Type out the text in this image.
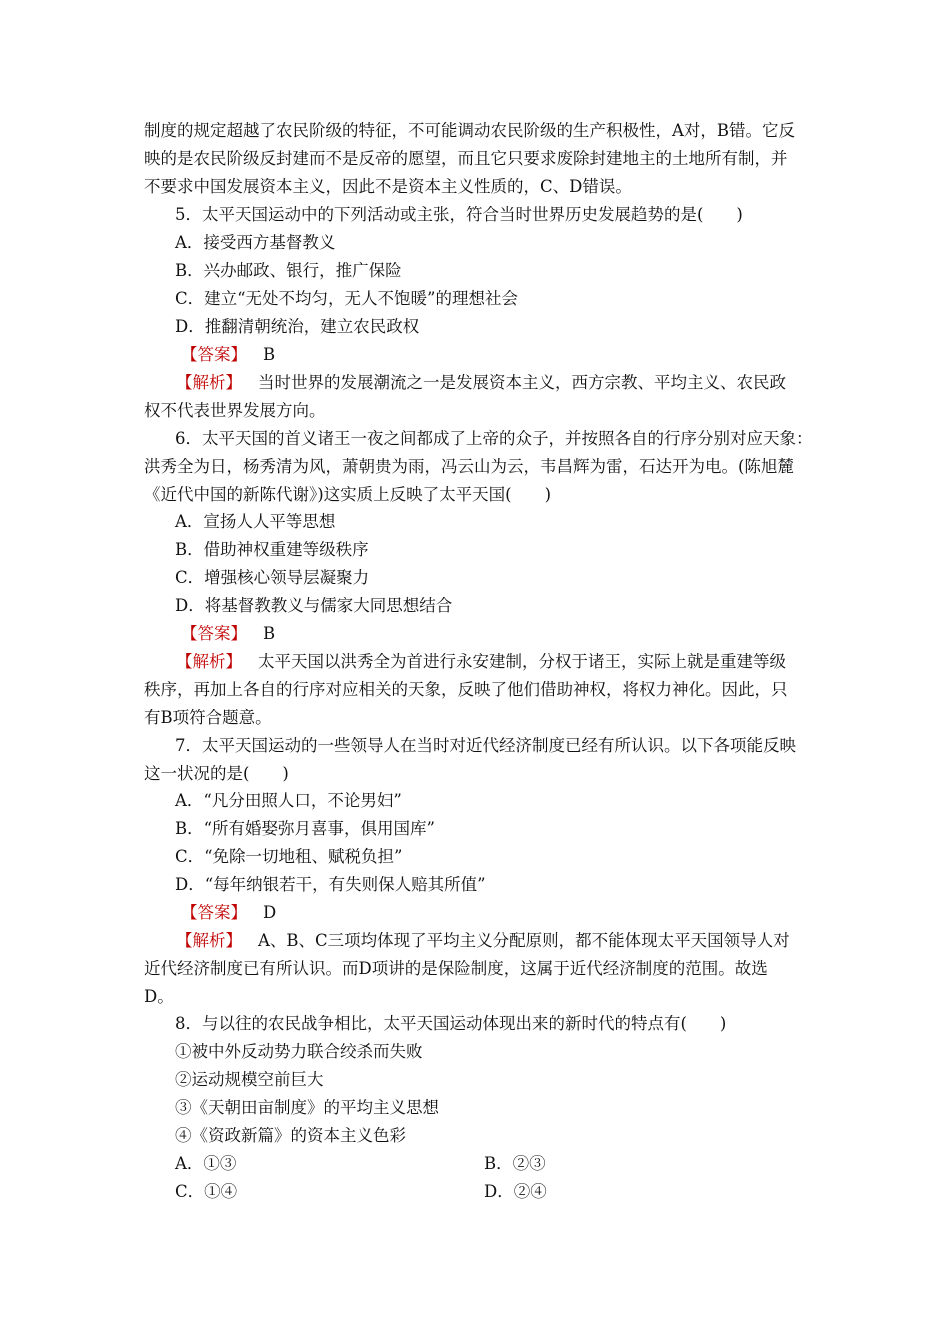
制度的规定超越了农民阶级的特征，不可能调动农民阶级的生产积极性，A对，B错。它反
映的是农民阶级反封建而不是反帝的愿望，而且它只要求废除封建地主的土地所有制，并
不要求中国发展资本主义，因此不是资本主义性质的，C、D错误。
5．太平天国运动中的下列活动或主张，符合当时世界历史发展趋势的是(　　)
A．接受西方基督教义
B．兴办邮政、银行，推广保险
C．建立“无处不均匀，无人不饱暖”的理想社会
D．推翻清朝统治，建立农民政权
【答案】 B
【解析】 当时世界的发展潮流之一是发展资本主义，西方宗教、平均主义、农民政
权不代表世界发展方向。
6．太平天国的首义诸王一夜之间都成了上帝的众子，并按照各自的行序分别对应天象：
洪秀全为日，杨秀清为风，萧朝贵为雨，冯云山为云，韦昌辉为雷，石达开为电。(陈旭麓
《近代中国的新陈代谢》)这实质上反映了太平天国(　　)
A．宣扬人人平等思想
B．借助神权重建等级秩序
C．增强核心领导层凝聚力
D．将基督教教义与儒家大同思想结合
【答案】 B
【解析】 太平天国以洪秀全为首进行永安建制，分权于诸王，实际上就是重建等级
秩序，再加上各自的行序对应相关的天象，反映了他们借助神权，将权力神化。因此，只
有B项符合题意。
7．太平天国运动的一些领导人在当时对近代经济制度已经有所认识。以下各项能反映
这一状况的是(　　)
A．“凡分田照人口，不论男妇”
B．“所有婚娶弥月喜事，俱用国库”
C．“免除一切地租、赋税负担”
D．“每年纳银若干，有失则保人赔其所值”
【答案】 D
【解析】 A、B、C三项均体现了平均主义分配原则，都不能体现太平天国领导人对
近代经济制度已有所认识。而D项讲的是保险制度，这属于近代经济制度的范围。故选
D。
8．与以往的农民战争相比，太平天国运动体现出来的新时代的特点有(　　)
①被中外反动势力联合绞杀而失败
②运动规模空前巨大
③《天朝田亩制度》的平均主义思想
④《资政新篇》的资本主义色彩
A．①③	B．②③
C．①④	D．②④
